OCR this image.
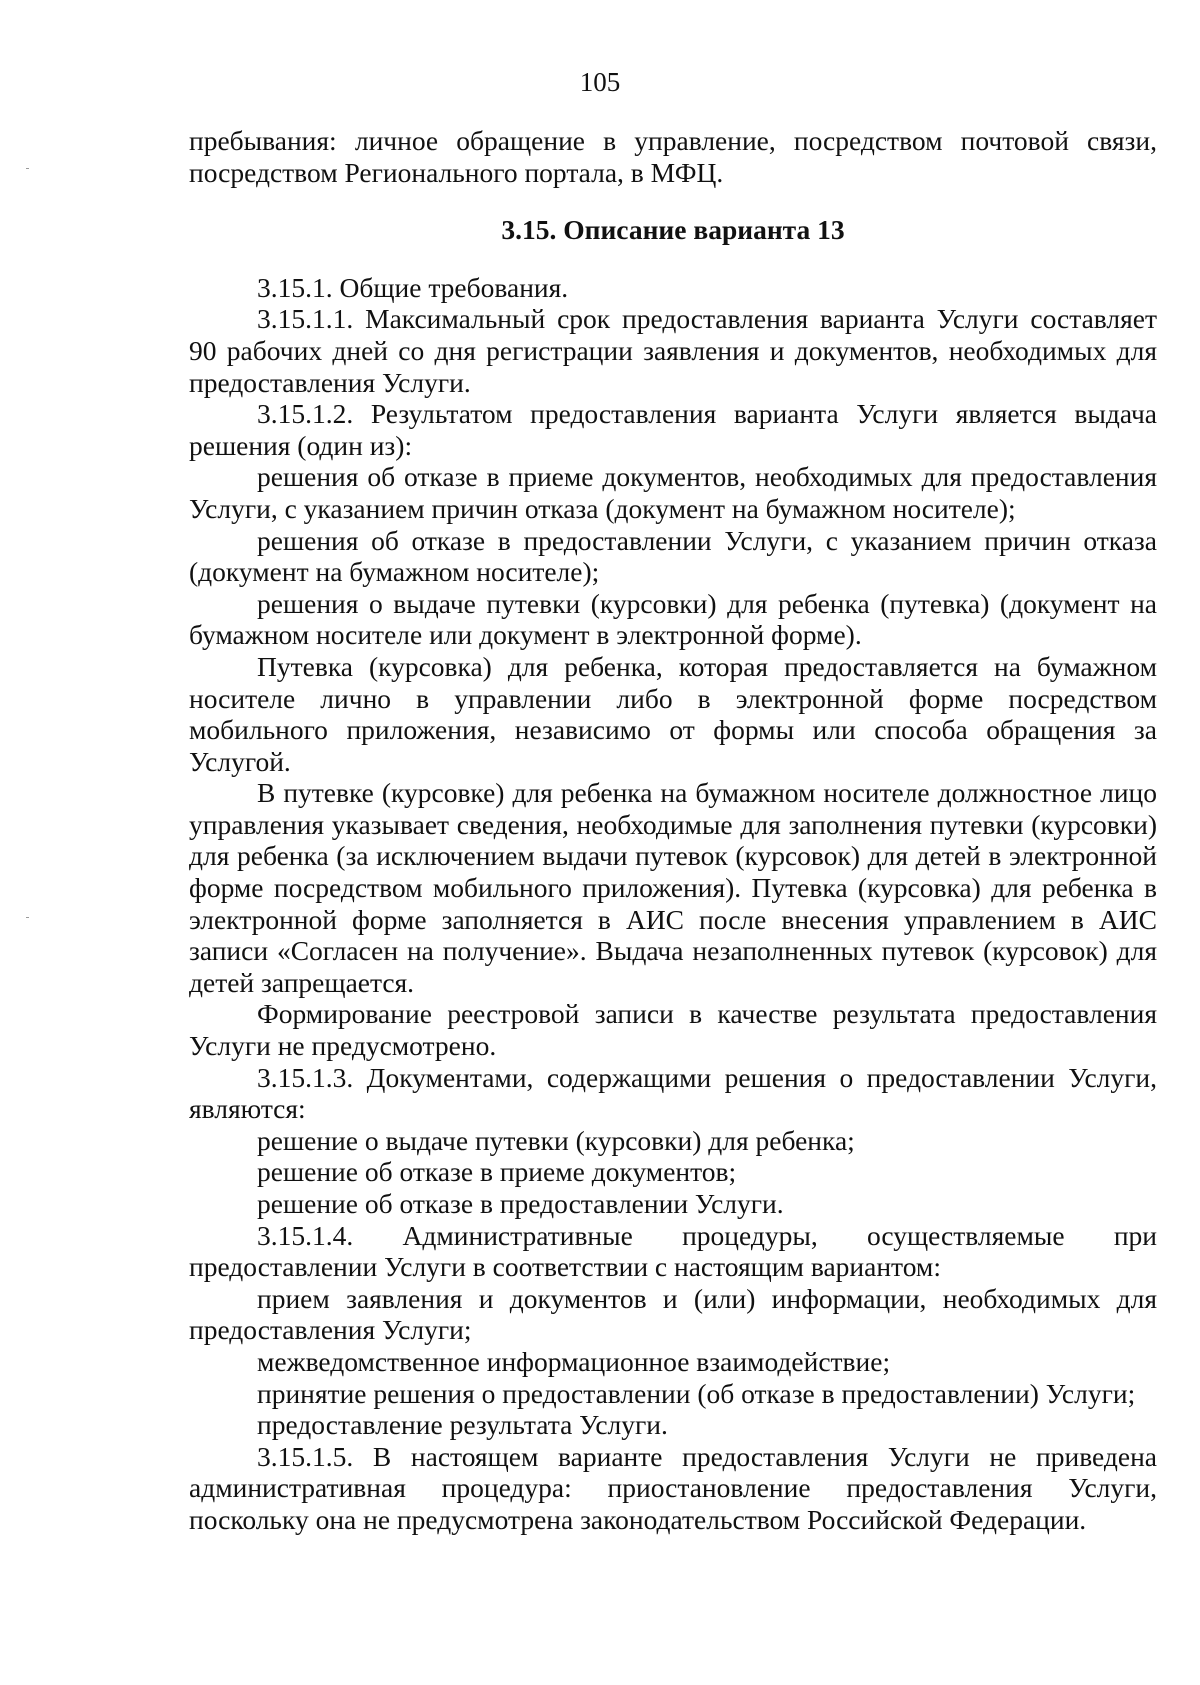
105

пребывания: личное обращение в управление, посредством почтовой связи, посредством Регионального портала, в МФЦ.

3.15. Описание варианта 13

3.15.1. Общие требования.

3.15.1.1. Максимальный срок предоставления варианта Услуги составляет 90 рабочих дней со дня регистрации заявления и документов, необходимых для предоставления Услуги.

3.15.1.2. Результатом предоставления варианта Услуги является выдача решения (один из):

решения об отказе в приеме документов, необходимых для предоставления Услуги, с указанием причин отказа (документ на бумажном носителе);

решения об отказе в предоставлении Услуги, с указанием причин отказа (документ на бумажном носителе);

решения о выдаче путевки (курсовки) для ребенка (путевка) (документ на бумажном носителе или документ в электронной форме).

Путевка (курсовка) для ребенка, которая предоставляется на бумажном носителе лично в управлении либо в электронной форме посредством мобильного приложения, независимо от формы или способа обращения за Услугой.

В путевке (курсовке) для ребенка на бумажном носителе должностное лицо управления указывает сведения, необходимые для заполнения путевки (курсовки) для ребенка (за исключением выдачи путевок (курсовок) для детей в электронной форме посредством мобильного приложения). Путевка (курсовка) для ребенка в электронной форме заполняется в АИС после внесения управлением в АИС записи «Согласен на получение». Выдача незаполненных путевок (курсовок) для детей запрещается.

Формирование реестровой записи в качестве результата предоставления Услуги не предусмотрено.

3.15.1.3. Документами, содержащими решения о предоставлении Услуги, являются:

решение о выдаче путевки (курсовки) для ребенка;

решение об отказе в приеме документов;

решение об отказе в предоставлении Услуги.

3.15.1.4. Административные процедуры, осуществляемые при предоставлении Услуги в соответствии с настоящим вариантом:

прием заявления и документов и (или) информации, необходимых для предоставления Услуги;

межведомственное информационное взаимодействие;

принятие решения о предоставлении (об отказе в предоставлении) Услуги;

предоставление результата Услуги.

3.15.1.5. В настоящем варианте предоставления Услуги не приведена административная процедура: приостановление предоставления Услуги, поскольку она не предусмотрена законодательством Российской Федерации.
